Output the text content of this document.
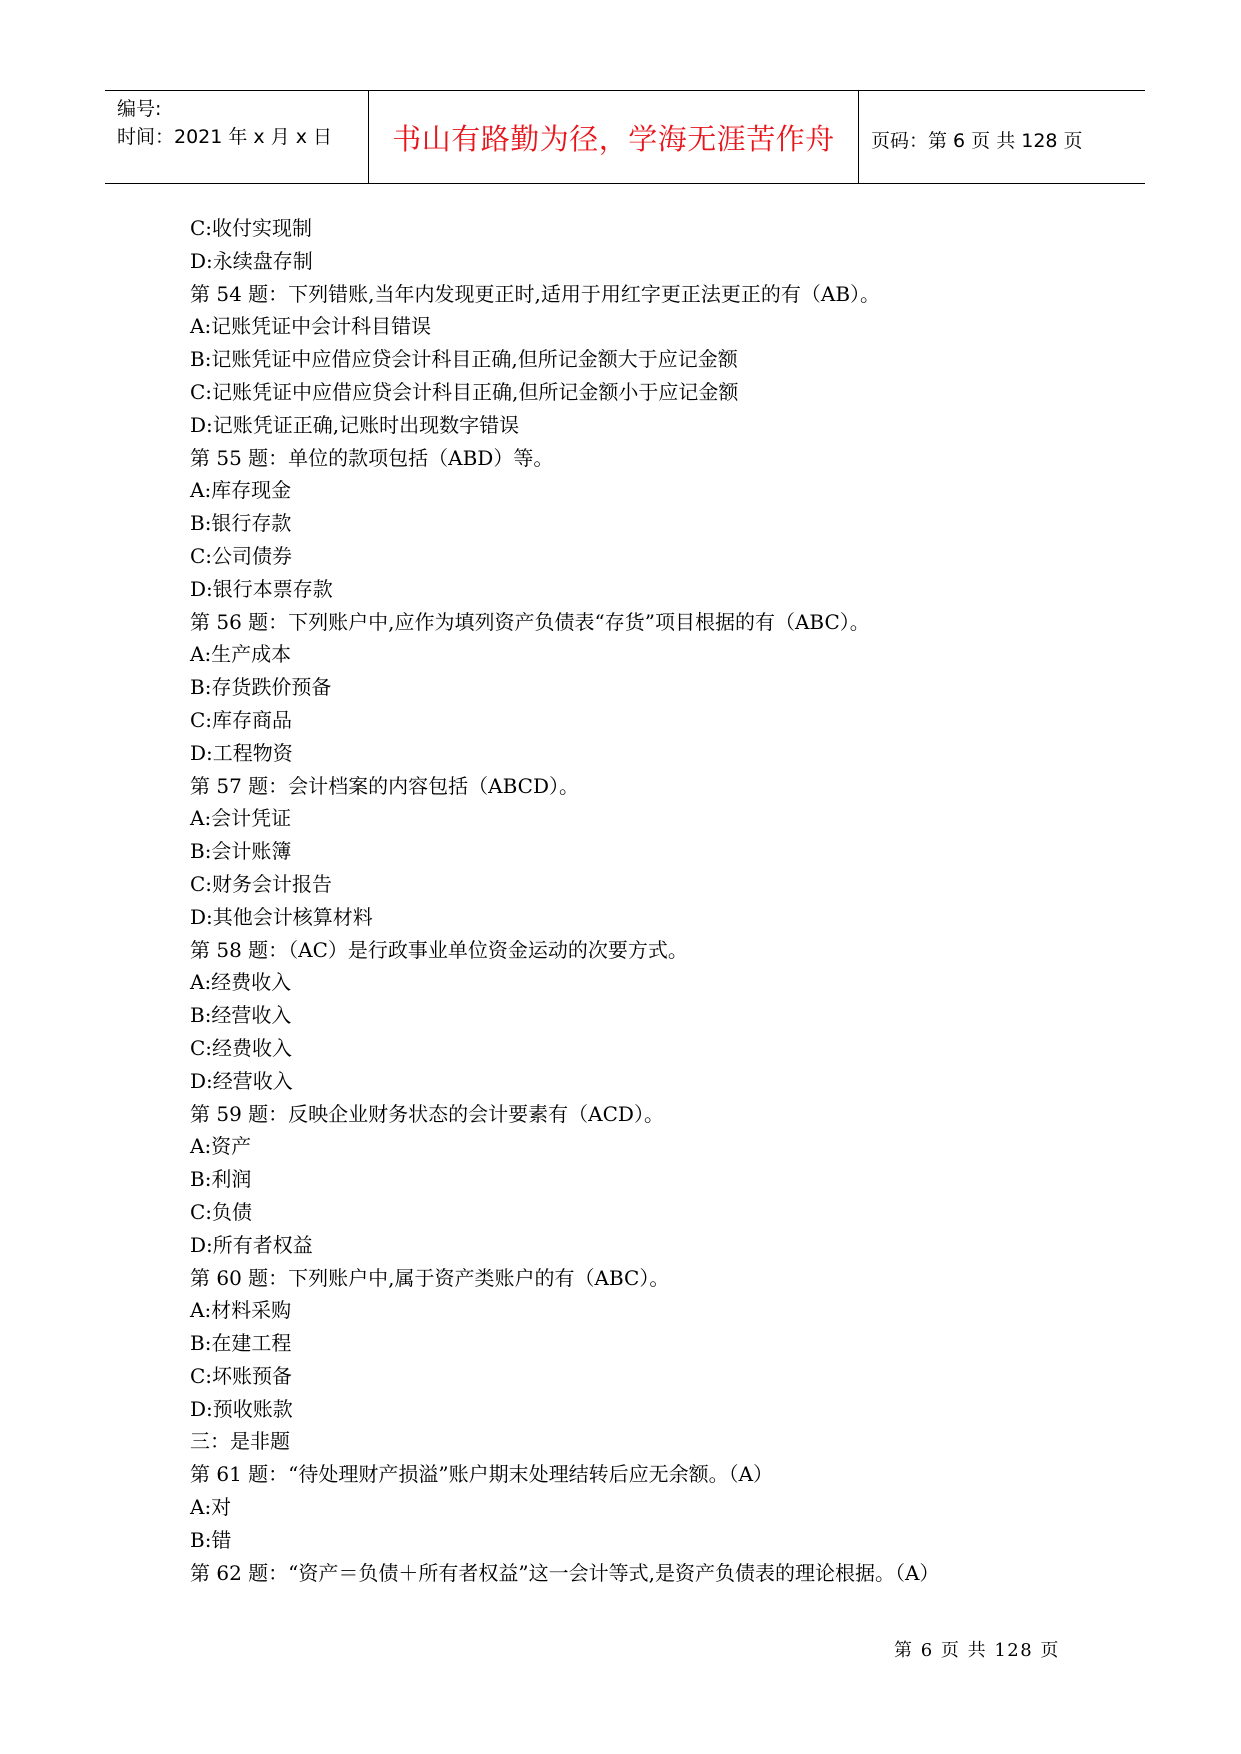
编号:
时间：2021 年 x 月 x 日	书山有路勤为径，学海无涯苦作舟	页码：第 6 页 共 128 页
C:收付实现制
D:永续盘存制
第 54 题：下列错账,当年内发现更正时,适用于用红字更正法更正的有（AB）。
A:记账凭证中会计科目错误
B:记账凭证中应借应贷会计科目正确,但所记金额大于应记金额
C:记账凭证中应借应贷会计科目正确,但所记金额小于应记金额
D:记账凭证正确,记账时出现数字错误
第 55 题：单位的款项包括（ABD）等。
A:库存现金
B:银行存款
C:公司债券
D:银行本票存款
第 56 题：下列账户中,应作为填列资产负债表“存货”项目根据的有（ABC）。
A:生产成本
B:存货跌价预备
C:库存商品
D:工程物资
第 57 题：会计档案的内容包括（ABCD）。
A:会计凭证
B:会计账簿
C:财务会计报告
D:其他会计核算材料
第 58 题：（AC）是行政事业单位资金运动的次要方式。
A:经费收入
B:经营收入
C:经费收入
D:经营收入
第 59 题：反映企业财务状态的会计要素有（ACD）。
A:资产
B:利润
C:负债
D:所有者权益
第 60 题：下列账户中,属于资产类账户的有（ABC）。
A:材料采购
B:在建工程
C:坏账预备
D:预收账款
三：是非题
第 61 题：“待处理财产损溢”账户期末处理结转后应无余额。（A）
A:对
B:错
第 62 题：“资产＝负债＋所有者权益”这一会计等式,是资产负债表的理论根据。（A）
第 6 页 共 128 页
